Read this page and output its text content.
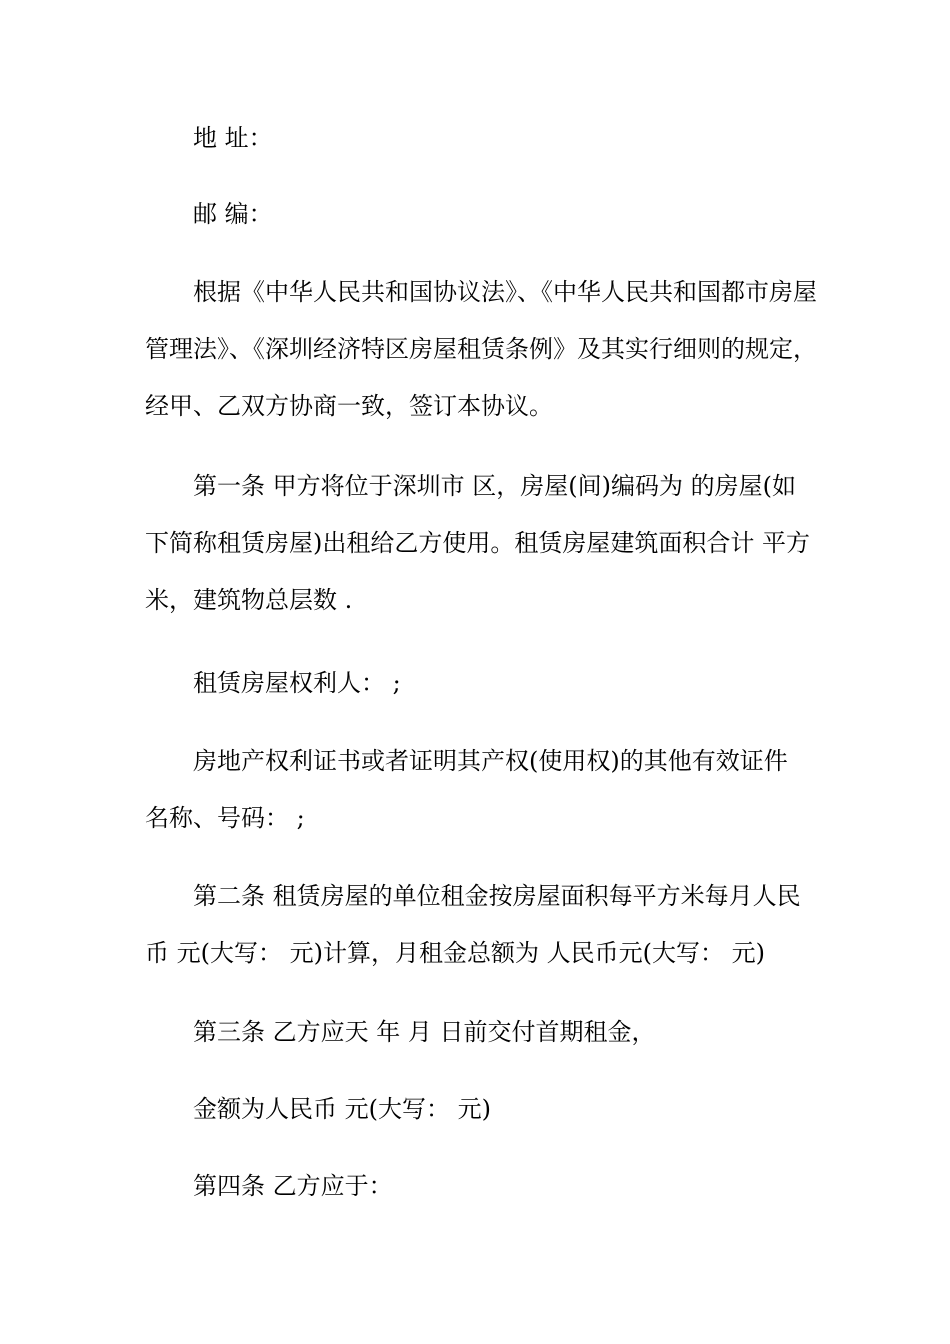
地 址：

邮 编：

根据《中华人民共和国协议法》、《中华人民共和国都市房屋
管理法》、《深圳经济特区房屋租赁条例》及其实行细则的规定，
经甲、乙双方协商一致，签订本协议。

第一条 甲方将位于深圳市 区，房屋(间)编码为 的房屋(如
下简称租赁房屋)出租给乙方使用。租赁房屋建筑面积合计 平方
米，建筑物总层数 .

租赁房屋权利人： ;

房地产权利证书或者证明其产权(使用权)的其他有效证件
名称、号码： ;

第二条 租赁房屋的单位租金按房屋面积每平方米每月人民
币 元(大写： 元)计算，月租金总额为 人民币元(大写： 元)

第三条 乙方应天 年 月 日前交付首期租金，

金额为人民币 元(大写： 元)

第四条 乙方应于：
